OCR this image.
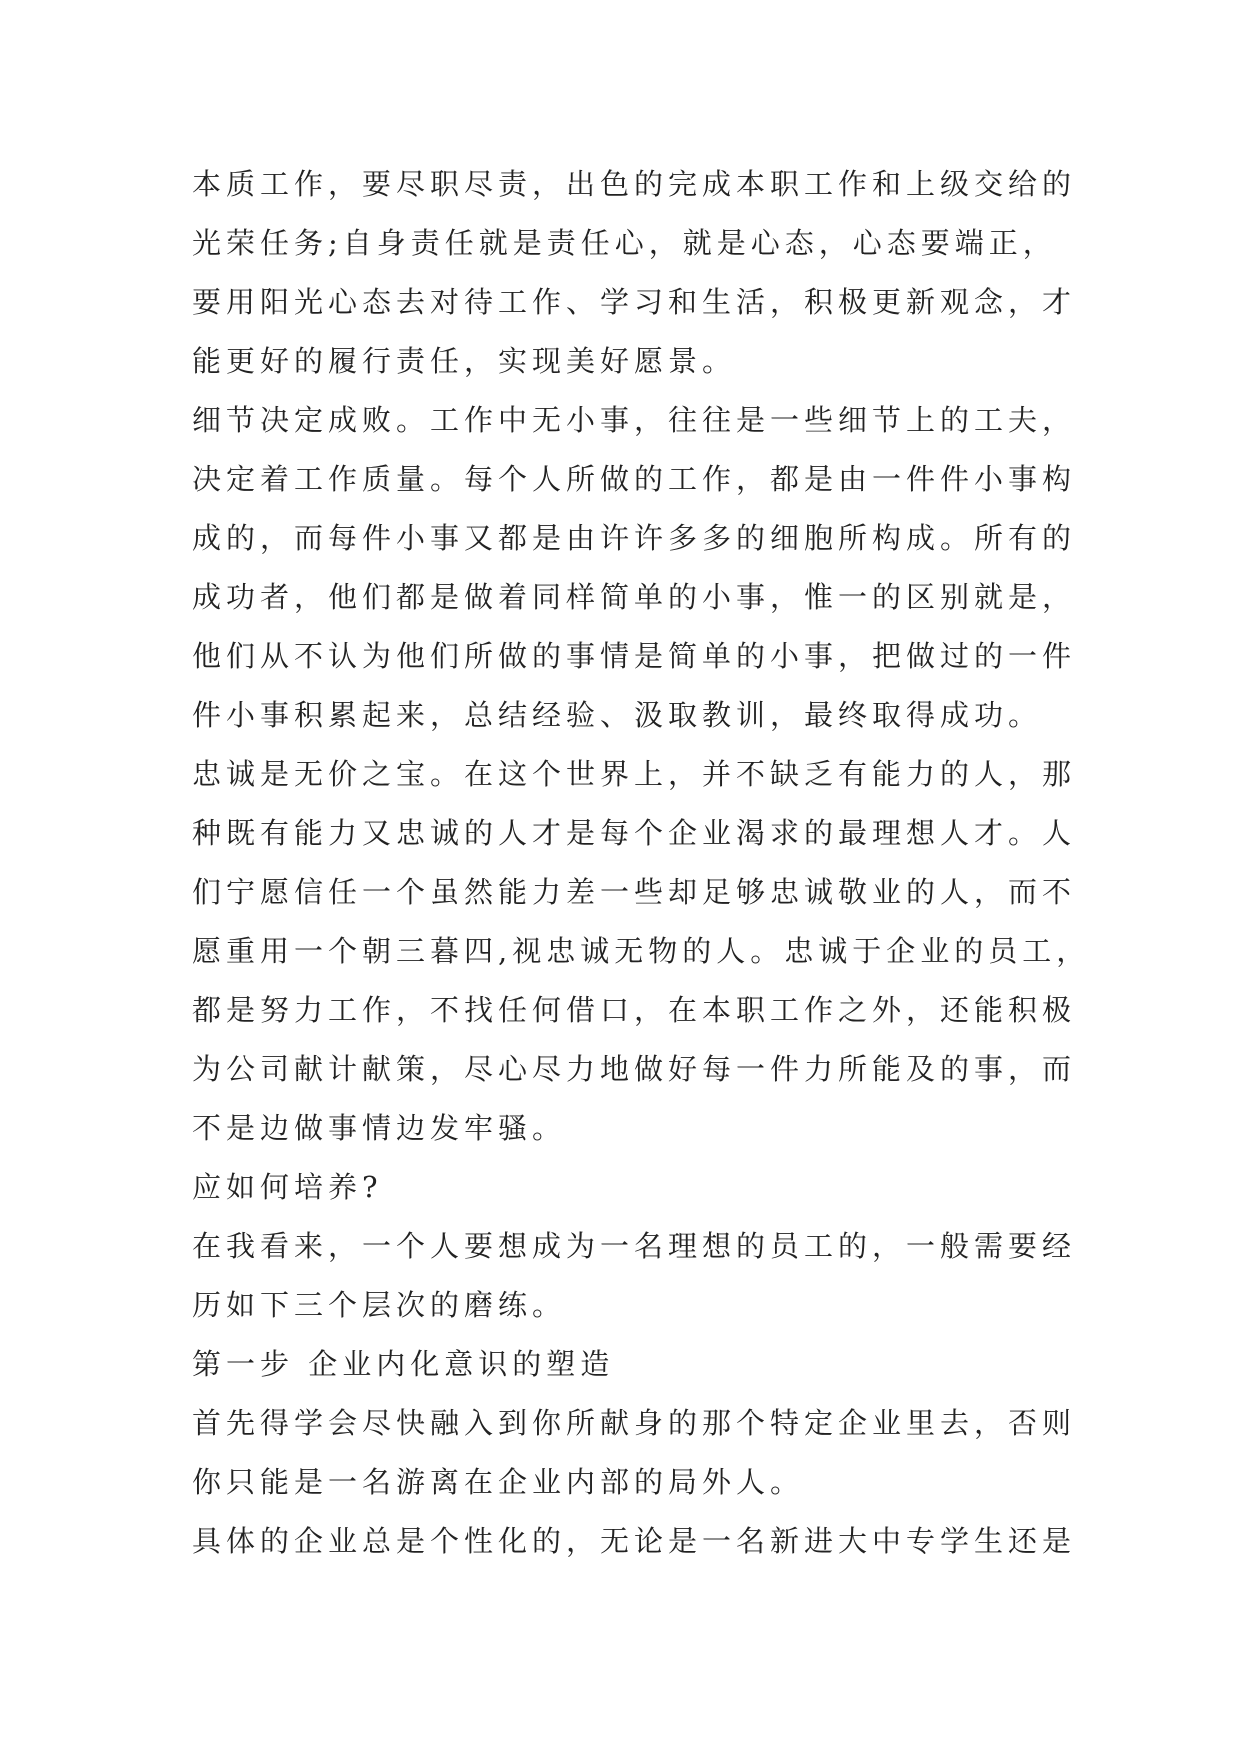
本质工作，要尽职尽责，出色的完成本职工作和上级交给的
光荣任务;自身责任就是责任心，就是心态，心态要端正，
要用阳光心态去对待工作、学习和生活，积极更新观念，才
能更好的履行责任，实现美好愿景。
细节决定成败。工作中无小事，往往是一些细节上的工夫，
决定着工作质量。每个人所做的工作，都是由一件件小事构
成的，而每件小事又都是由许许多多的细胞所构成。所有的
成功者，他们都是做着同样简单的小事，惟一的区别就是，
他们从不认为他们所做的事情是简单的小事，把做过的一件
件小事积累起来，总结经验、汲取教训，最终取得成功。
忠诚是无价之宝。在这个世界上，并不缺乏有能力的人，那
种既有能力又忠诚的人才是每个企业渴求的最理想人才。人
们宁愿信任一个虽然能力差一些却足够忠诚敬业的人，而不
愿重用一个朝三暮四,视忠诚无物的人。忠诚于企业的员工，
都是努力工作，不找任何借口，在本职工作之外，还能积极
为公司献计献策，尽心尽力地做好每一件力所能及的事，而
不是边做事情边发牢骚。
应如何培养?
在我看来，一个人要想成为一名理想的员工的，一般需要经
历如下三个层次的磨练。
第一步 企业内化意识的塑造
首先得学会尽快融入到你所献身的那个特定企业里去，否则
你只能是一名游离在企业内部的局外人。
具体的企业总是个性化的，无论是一名新进大中专学生还是
